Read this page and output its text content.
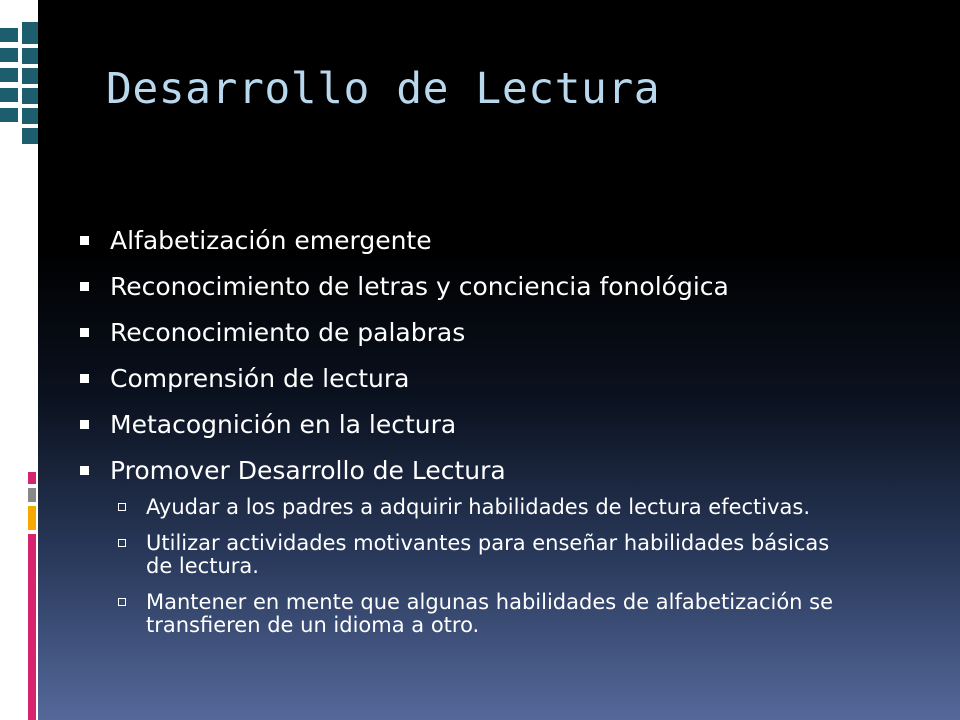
Desarrollo de Lectura
Alfabetización emergente
Reconocimiento de letras y conciencia fonológica
Reconocimiento de palabras
Comprensión de lectura
Metacognición en la lectura
Promover Desarrollo de Lectura
Ayudar a los padres a adquirir habilidades de lectura efectivas.
Utilizar actividades motivantes para enseñar habilidades básicas de lectura.
Mantener en mente que algunas habilidades de alfabetización se transfieren de un idioma a otro.
